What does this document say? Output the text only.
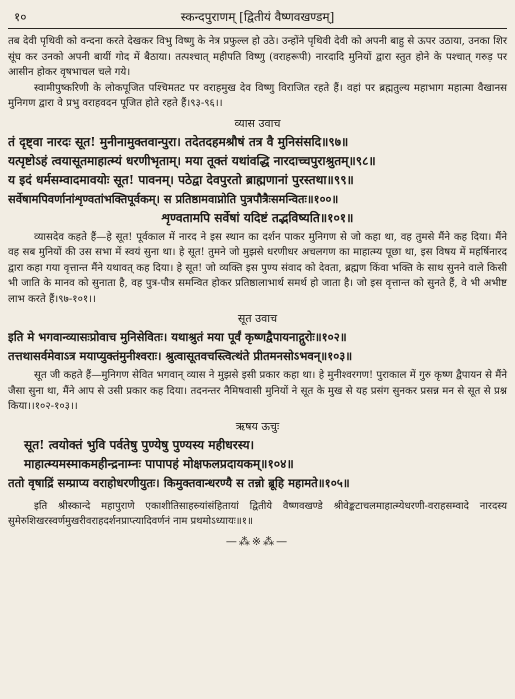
१०	स्कन्दपुराणम् [द्वितीयं वैष्णवखण्डम्]

तब देवी पृथिवी को वन्दना करते देखकर विभु विष्णु के नेत्र प्रफुल्ल हो उठे। उन्होंने पृथिवी देवी को अपनी बाहु से ऊपर उठाया, उनका शिर सूंघ कर उनको अपनी बायीं गोद में बैठाया। तत्पश्चात् महीपति विष्णु (वराहरूपी) नारदादि मुनियों द्वारा स्तुत होने के पश्चात् गरुड़ पर आसीन होकर वृषभाचल चले गये।

स्वामीपुष्करिणी के लोकपूजित पश्चिमतट पर वराहमुख देव विष्णु विराजित रहते हैं। वहां पर ब्रह्मतुल्य महाभाग महात्मा वैखानस मुनिगण द्वारा वे प्रभु वराहवदन पूजित होते रहते हैं।९३-९६।।

व्यास उवाच

तं दृष्ट्वा नारदः सूत! मुनीनामुक्तवान्पुरा। तदेतदहमश्रौषं तत्र वै मुनिसंसदि॥९७॥

यत्पृष्टोऽहं त्वयासूतमाहात्म्यं धरणीभृताम्। मया तूक्तं यथांवद्धि नारदाच्चपुराश्रुतम्॥९८॥

य इदं धर्मसम्वादमावयोः सूत! पावनम्। पठेद्वा देवपुरतो ब्राह्मणानां पुरस्तथा॥९९॥

सर्वेषामपिवर्णानांशृण्वतांभक्तिपूर्वकम्। स प्रतिष्ठामवाप्नोति पुत्रपौत्रैःसमन्वितः॥१००॥

शृण्वतामपि सर्वेषां यदिष्टं तद्भविष्यति॥१०१॥

व्यासदेव कहते हैं—हे सूत! पूर्वकाल में नारद ने इस स्थान का दर्शन पाकर मुनिगण से जो कहा था, वह तुमसे मैंने कह दिया। मैंने वह सब मुनियों की उस सभा में स्वयं सुना था। हे सूत! तुमने जो मुझसे धरणीधर अचलगण का माहात्म्य पूछा था, इस विषय में महर्षिनारद द्वारा कहा गया वृत्तान्त मैंने यथावत् कह दिया। हे सूत! जो व्यक्ति इस पुण्य संवाद को देवता, ब्रह्मण किंवा भक्ति के साथ सुनने वाले किसी भी जाति के मानव को सुनाता है, वह पुत्र-पौत्र समन्वित होकर प्रतिष्ठालाभार्थ समर्थ हो जाता है। जो इस वृत्तान्त को सुनते हैं, वे भी अभीष्ट लाभ करते हैं।९७-१०१।।

सूत उवाच

इति मे भगवान्व्यासःप्रोवाच मुनिसेवितः। यथाश्रुतं मया पूर्वं कृष्णद्वैपायनाद्गुरोः॥१०२॥

तत्तथासर्वमेवाऽत्र मयाप्युक्तंमुनीश्वराः। श्रुत्वासूतवचस्त्वित्थंते प्रीतमनसोऽभवन्॥१०३॥

सूत जी कहते हैं—मुनिगण सेवित भगवान् व्यास ने मुझसे इसी प्रकार कहा था। हे मुनीश्वरगण! पुराकाल में गुरु कृष्ण द्वैपायन से मैंने जैसा सुना था, मैंने आप से उसी प्रकार कह दिया। तदनन्तर नैमिषवासी मुनियों ने सूत के मुख से यह प्रसंग सुनकर प्रसन्न मन से सूत से प्रश्न किया।।१०२-१०३।।

ऋषय ऊचुः

सूत! त्वयोक्तं भुवि पर्वतेषु पुण्येषु पुण्यस्य महीधरस्य।

माहात्म्यमस्माकमहीन्द्रनाम्नः पापापहं मोक्षफलप्रदायकम्॥१०४॥

ततो वृषाद्रिं सम्प्राप्य वराहोधरणीयुतः। किमुक्तवान्धरण्यै स तन्नो ब्रूहि महामते॥१०५॥

इति श्रीस्कान्दे महापुराणे एकाशीतिसाहस्र्यांसंहितायां द्वितीये वैष्णवखण्डे श्रीवेङ्कटाचलमाहात्म्येधरणी-वराहसम्वादे नारदस्य सुमेरुशिखरस्वर्णमुखरीवराहदर्शनप्राप्त्यादिवर्णनं नाम प्रथमोऽध्यायः॥१॥

—⁂※⁂—
